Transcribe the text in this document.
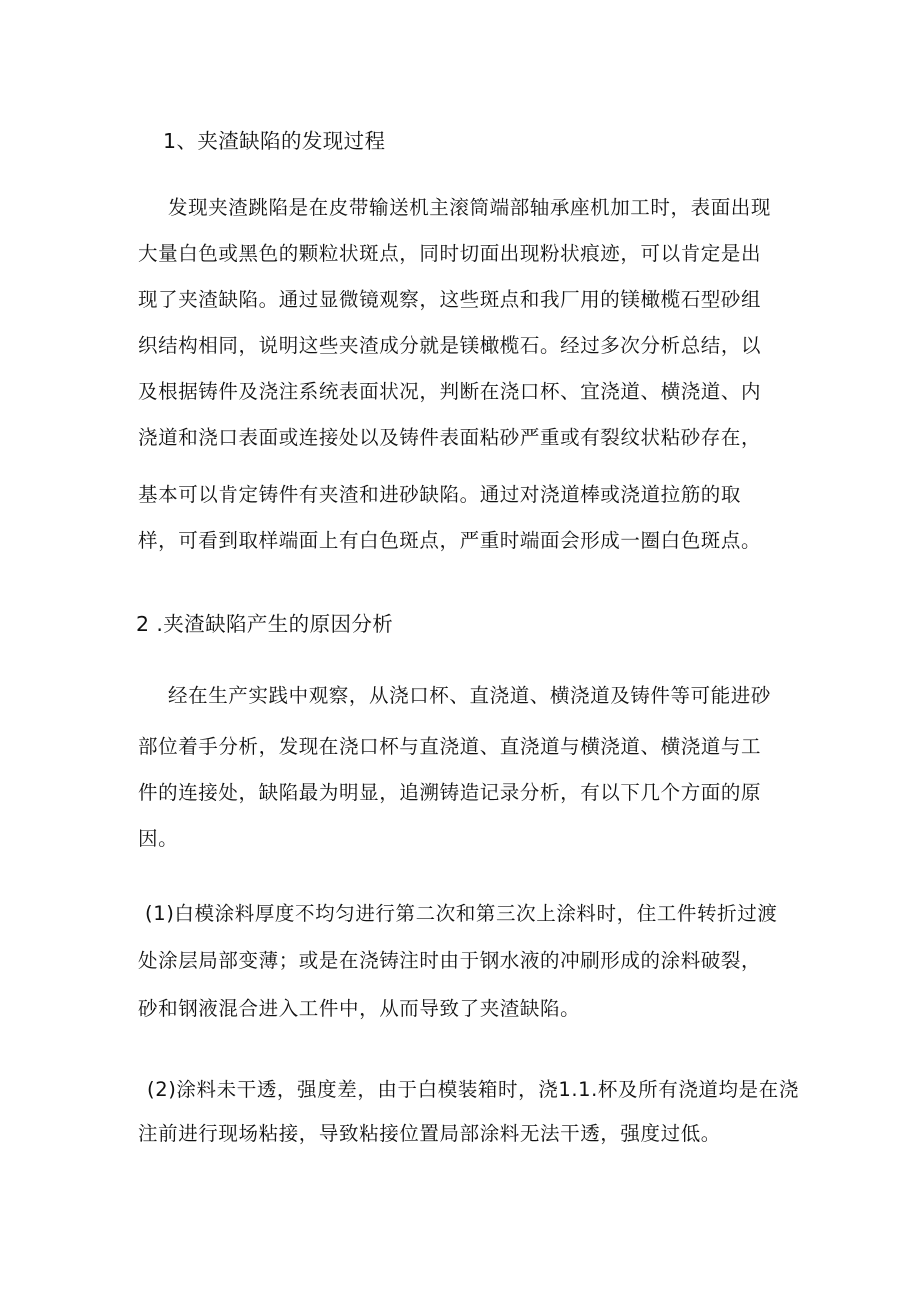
1、夹渣缺陷的发现过程
发现夹渣跳陷是在皮带输送机主滚筒端部轴承座机加工时，表面出现
大量白色或黑色的颗粒状斑点，同时切面出现粉状痕迹，可以肯定是出
现了夹渣缺陷。通过显微镜观察，这些斑点和我厂用的镁橄榄石型砂组
织结构相同，说明这些夹渣成分就是镁橄榄石。经过多次分析总结，以
及根据铸件及浇注系统表面状况，判断在浇口杯、宜浇道、横浇道、内
浇道和浇口表面或连接处以及铸件表面粘砂严重或有裂纹状粘砂存在，
基本可以肯定铸件有夹渣和进砂缺陷。通过对浇道棒或浇道拉筋的取
样，可看到取样端面上有白色斑点，严重时端面会形成一圈白色斑点。
2 .夹渣缺陷产生的原因分析
经在生产实践中观察，从浇口杯、直浇道、横浇道及铸件等可能进砂
部位着手分析，发现在浇口杯与直浇道、直浇道与横浇道、横浇道与工
件的连接处，缺陷最为明显，追溯铸造记录分析，有以下几个方面的原
因。
(1)白模涂料厚度不均匀进行第二次和第三次上涂料时，住工件转折过渡
处涂层局部变薄；或是在浇铸注时由于钢水液的冲刷形成的涂料破裂，
砂和钢液混合进入工件中，从而导致了夹渣缺陷。
(2)涂料未干透，强度差，由于白模装箱时，浇1.1.杯及所有浇道均是在浇
注前进行现场粘接，导致粘接位置局部涂料无法干透，强度过低。
